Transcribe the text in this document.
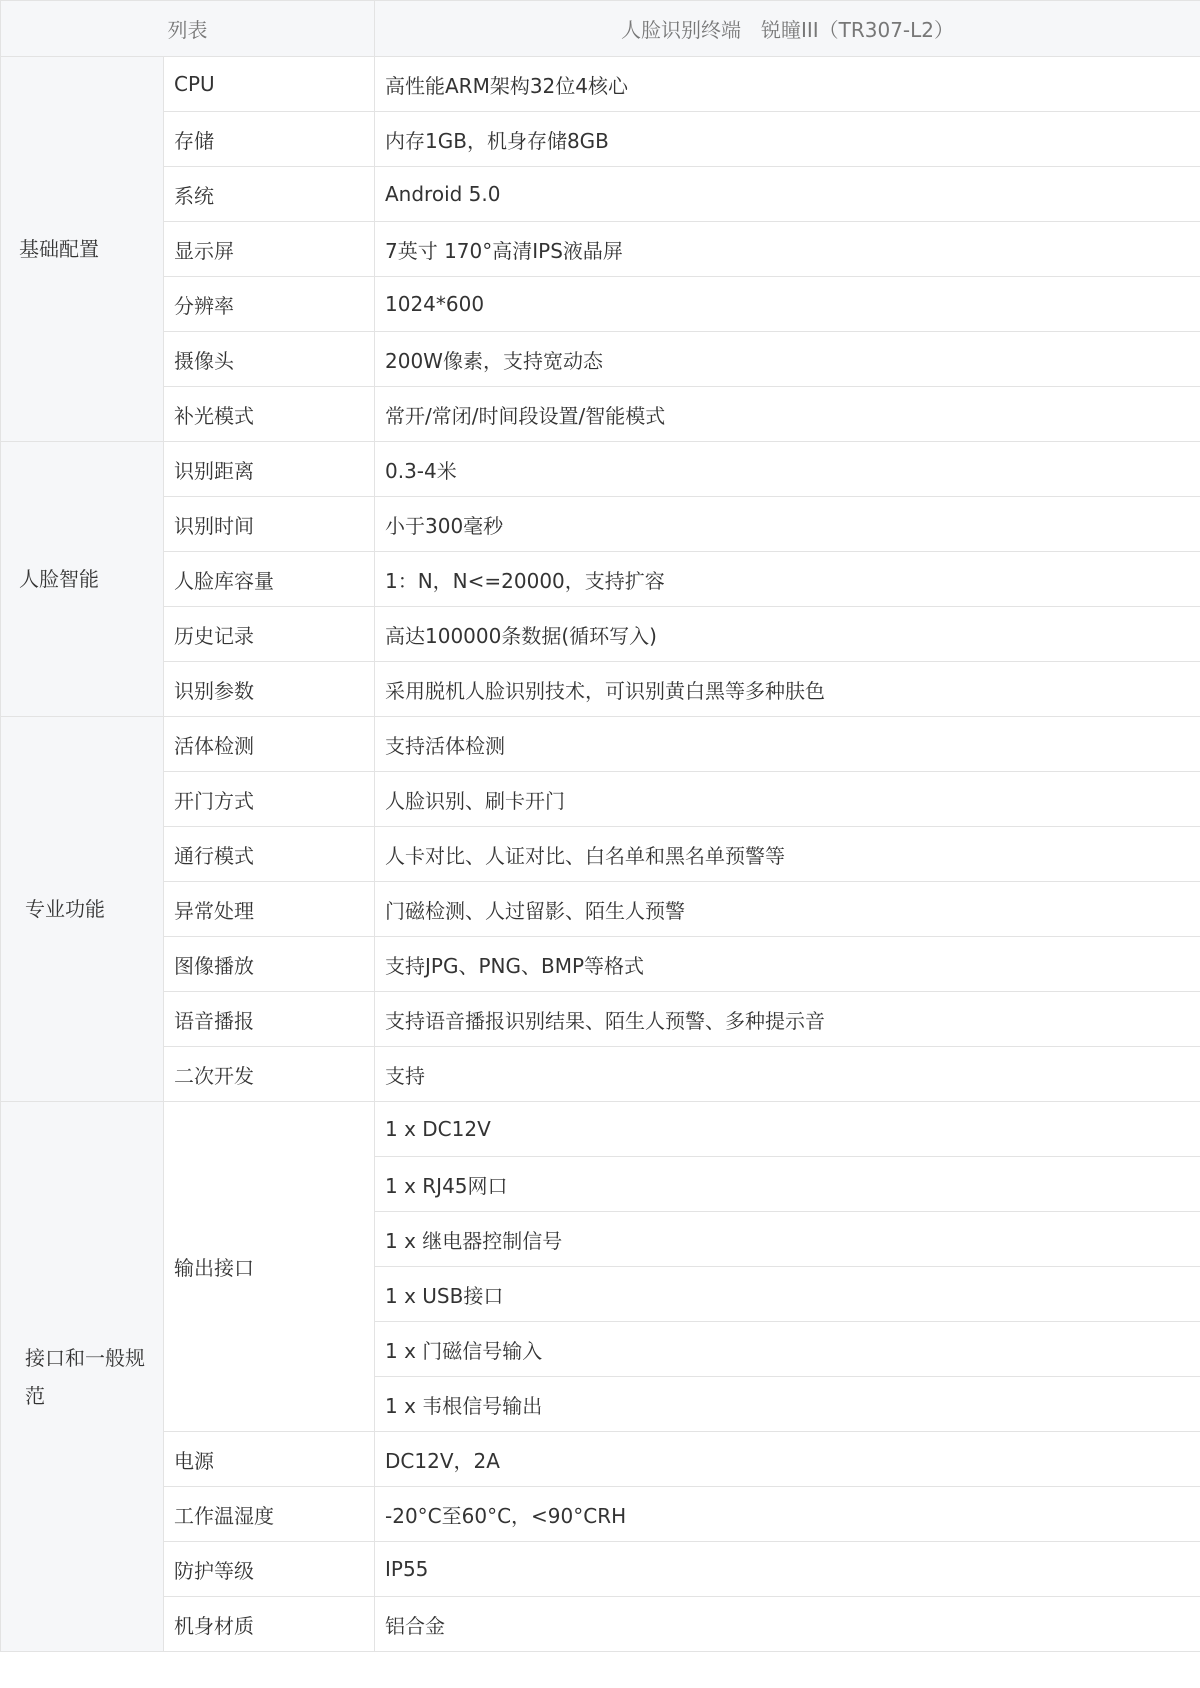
列表		人脸识别终端　锐瞳III（TR307-L2）
基础配置	CPU	高性能ARM架构32位4核心
	存储	内存1GB，机身存储8GB
	系统	Android 5.0
	显示屏	7英寸 170°高清IPS液晶屏
	分辨率	1024*600
	摄像头	200W像素，支持宽动态
	补光模式	常开/常闭/时间段设置/智能模式
人脸智能	识别距离	0.3-4米
	识别时间	小于300毫秒
	人脸库容量	1：N，N<=20000，支持扩容
	历史记录	高达100000条数据(循环写入)
	识别参数	采用脱机人脸识别技术，可识别黄白黑等多种肤色
专业功能	活体检测	支持活体检测
	开门方式	人脸识别、刷卡开门
	通行模式	人卡对比、人证对比、白名单和黑名单预警等
	异常处理	门磁检测、人过留影、陌生人预警
	图像播放	支持JPG、PNG、BMP等格式
	语音播报	支持语音播报识别结果、陌生人预警、多种提示音
	二次开发	支持
接口和一般规范	输出接口	1 x DC12V
		1 x RJ45网口
		1 x 继电器控制信号
		1 x USB接口
		1 x 门磁信号输入
		1 x 韦根信号输出
	电源	DC12V，2A
	工作温湿度	-20°C至60°C，<90°CRH
	防护等级	IP55
	机身材质	铝合金
